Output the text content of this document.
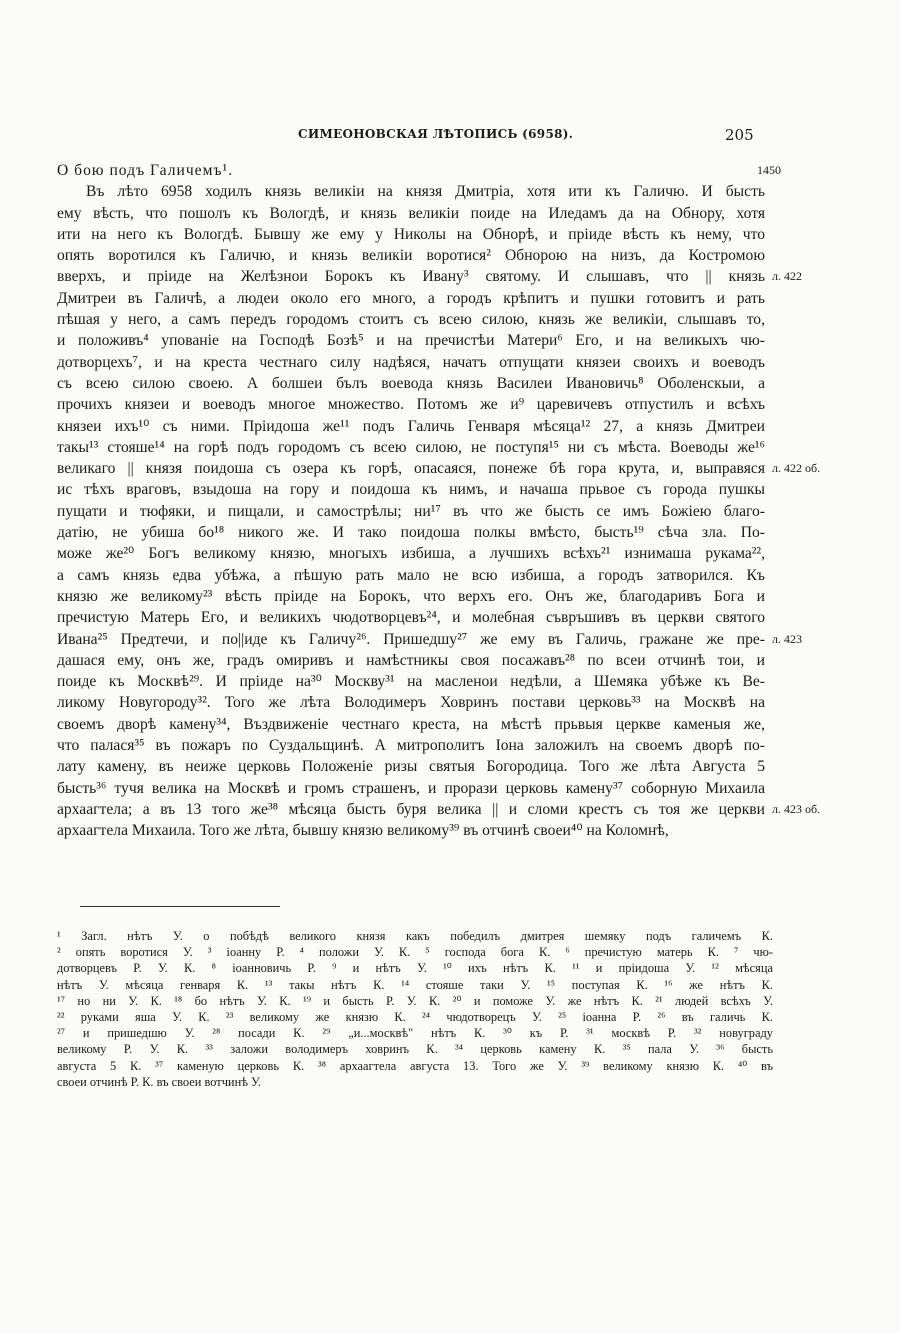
СИМЕОНОВСКАЯ ЛѢТОПИСЬ (6958).	205
1450
О бою подъ Галичемъ¹.
Въ лѣто 6958 ходилъ князь великіи на князя Дмитріа, хотя ити къ Галичю. И бысть
ему вѣсть, что пошолъ къ Вологдѣ, и князь великіи поиде на Иледамъ да на Обнору, хотя
ити на него къ Вологдѣ. Бывшу же ему у Николы на Обнорѣ, и пріиде вѣсть къ нему, что
опять воротился къ Галичю, и князь великіи воротися² Обнорою на низъ, да Костромою
вверхъ, и пріиде на Желѣзнои Борокъ къ Ивану³ святому. И слышавъ, что || князь л. 422
Дмитреи въ Галичѣ, а людеи около его много, а городъ крѣпитъ и пушки готовитъ и рать
пѣшая у него, а самъ передъ городомъ стоитъ съ всею силою, князь же великіи, слышавъ то,
и положивъ⁴ упованіе на Господѣ Бозѣ⁵ и на пречистѣи Матери⁶ Его, и на великыхъ чю-
дотворцехъ⁷, и на креста честнаго силу надѣяся, начатъ отпущати князеи своихъ и воеводъ
съ всею силою своею. А болшеи бълъ воевода князь Василеи Ивановичь⁸ Оболенскыи, а
прочихъ князеи и воеводъ многое множество. Потомъ же и⁹ царевичевъ отпустилъ и всѣхъ
князеи ихъ¹⁰ съ ними. Пріидоша же¹¹ подъ Галичь Генваря мѣсяца¹² 27, а князь Дмитреи
такы¹³ стояше¹⁴ на горѣ подъ городомъ съ всею силою, не поступя¹⁵ ни съ мѣста. Воеводы же¹⁶
великаго || князя поидоша съ озера къ горѣ, опасаяся, понеже бѣ гора крута, и, выправяся л. 422 об.
ис тѣхъ враговъ, взыдоша на гору и поидоша къ нимъ, и начаша прьвое съ города пушкы
пущати и тюфяки, и пищали, и самострѣлы; ни¹⁷ въ что же бысть се имъ Божіею благо-
датію, не убиша бо¹⁸ никого же. И тако поидоша полкы вмѣсто, бысть¹⁹ сѣча зла. По-
може же²⁰ Богъ великому князю, многыхъ избиша, а лучшихъ всѣхъ²¹ изнимаша рукама²²,
а самъ князь едва убѣжа, а пѣшую рать мало не всю избиша, а городъ затворился. Къ
князю же великому²³ вѣсть пріиде на Борокъ, что верхъ его. Онъ же, благодаривъ Бога и
пречистую Матерь Его, и великихъ чюдотворцевъ²⁴, и молебная съвръшивъ въ церкви святого
Ивана²⁵ Предтечи, и по||иде къ Галичу²⁶. Пришедшу²⁷ же ему въ Галичь, гражане же пре- л. 423
дашася ему, онъ же, градъ омиривъ и намѣстникы своя посажавъ²⁸ по всеи отчинѣ тои, и
поиде къ Москвѣ²⁹. И пріиде на³⁰ Москву³¹ на масленои недѣли, а Шемяка убѣже къ Ве-
ликому Новугороду³². Того же лѣта Володимеръ Ховринъ постави церковь³³ на Москвѣ на
своемъ дворѣ камену³⁴, Въздвиженіе честнаго креста, на мѣстѣ прьвыя церкве каменыя же,
что палася³⁵ въ пожаръ по Суздальщинѣ. А митрополитъ Іона заложилъ на своемъ дворѣ по-
лату камену, въ неиже церковь Положеніе ризы святыя Богородица. Того же лѣта Августа 5
бысть³⁶ тучя велика на Москвѣ и громъ страшенъ, и прорази церковь камену³⁷ соборную Михаила
архаагтела; а въ 13 того же³⁸ мѣсяца бысть буря велика || и сломи крестъ съ тоя же церкви л. 423 об.
архаагтела Михаила. Того же лѣта, бывшу князю великому³⁹ въ отчинѣ своеи⁴⁰ на Коломнѣ,
¹ Загл. нѣтъ У. о побѣдѣ великого князя какъ победилъ дмитрея шемяку подъ галичемъ К.
² опять воротися У. ³ іоанну Р. ⁴ положи У. К. ⁵ господа бога К. ⁶ пречистую матерь К. ⁷ чю-
дотворцевъ Р. У. К. ⁸ іоанновичь Р. ⁹ и нѣтъ У. ¹⁰ ихъ нѣтъ К. ¹¹ и пріидоша У. ¹² мѣсяца
нѣтъ У. мѣсяца генваря К. ¹³ такы нѣтъ К. ¹⁴ стояше таки У. ¹⁵ поступая К. ¹⁶ же нѣтъ К.
¹⁷ но ни У. К. ¹⁸ бо нѣтъ У. К. ¹⁹ и бысть Р. У. К. ²⁰ и поможе У. же нѣтъ К. ²¹ людей всѣхъ У.
²² руками яша У. К. ²³ великому же князю К. ²⁴ чюдотворецъ У. ²⁵ іоанна Р. ²⁶ въ галичь К.
²⁷ и пришедшю У. ²⁸ посади К. ²⁹ „и...москвѣ" нѣтъ К. ³⁰ къ Р. ³¹ москвѣ Р. ³² новуграду
великому Р. У. К. ³³ заложи володимеръ ховринъ К. ³⁴ церковь камену К. ³⁵ пала У. ³⁶ бысть
августа 5 К. ³⁷ каменую церковь К. ³⁸ архаагтела августа 13. Того же У. ³⁹ великому князю К. ⁴⁰ въ
своеи отчинѣ Р. К. въ своеи вотчинѣ У.
